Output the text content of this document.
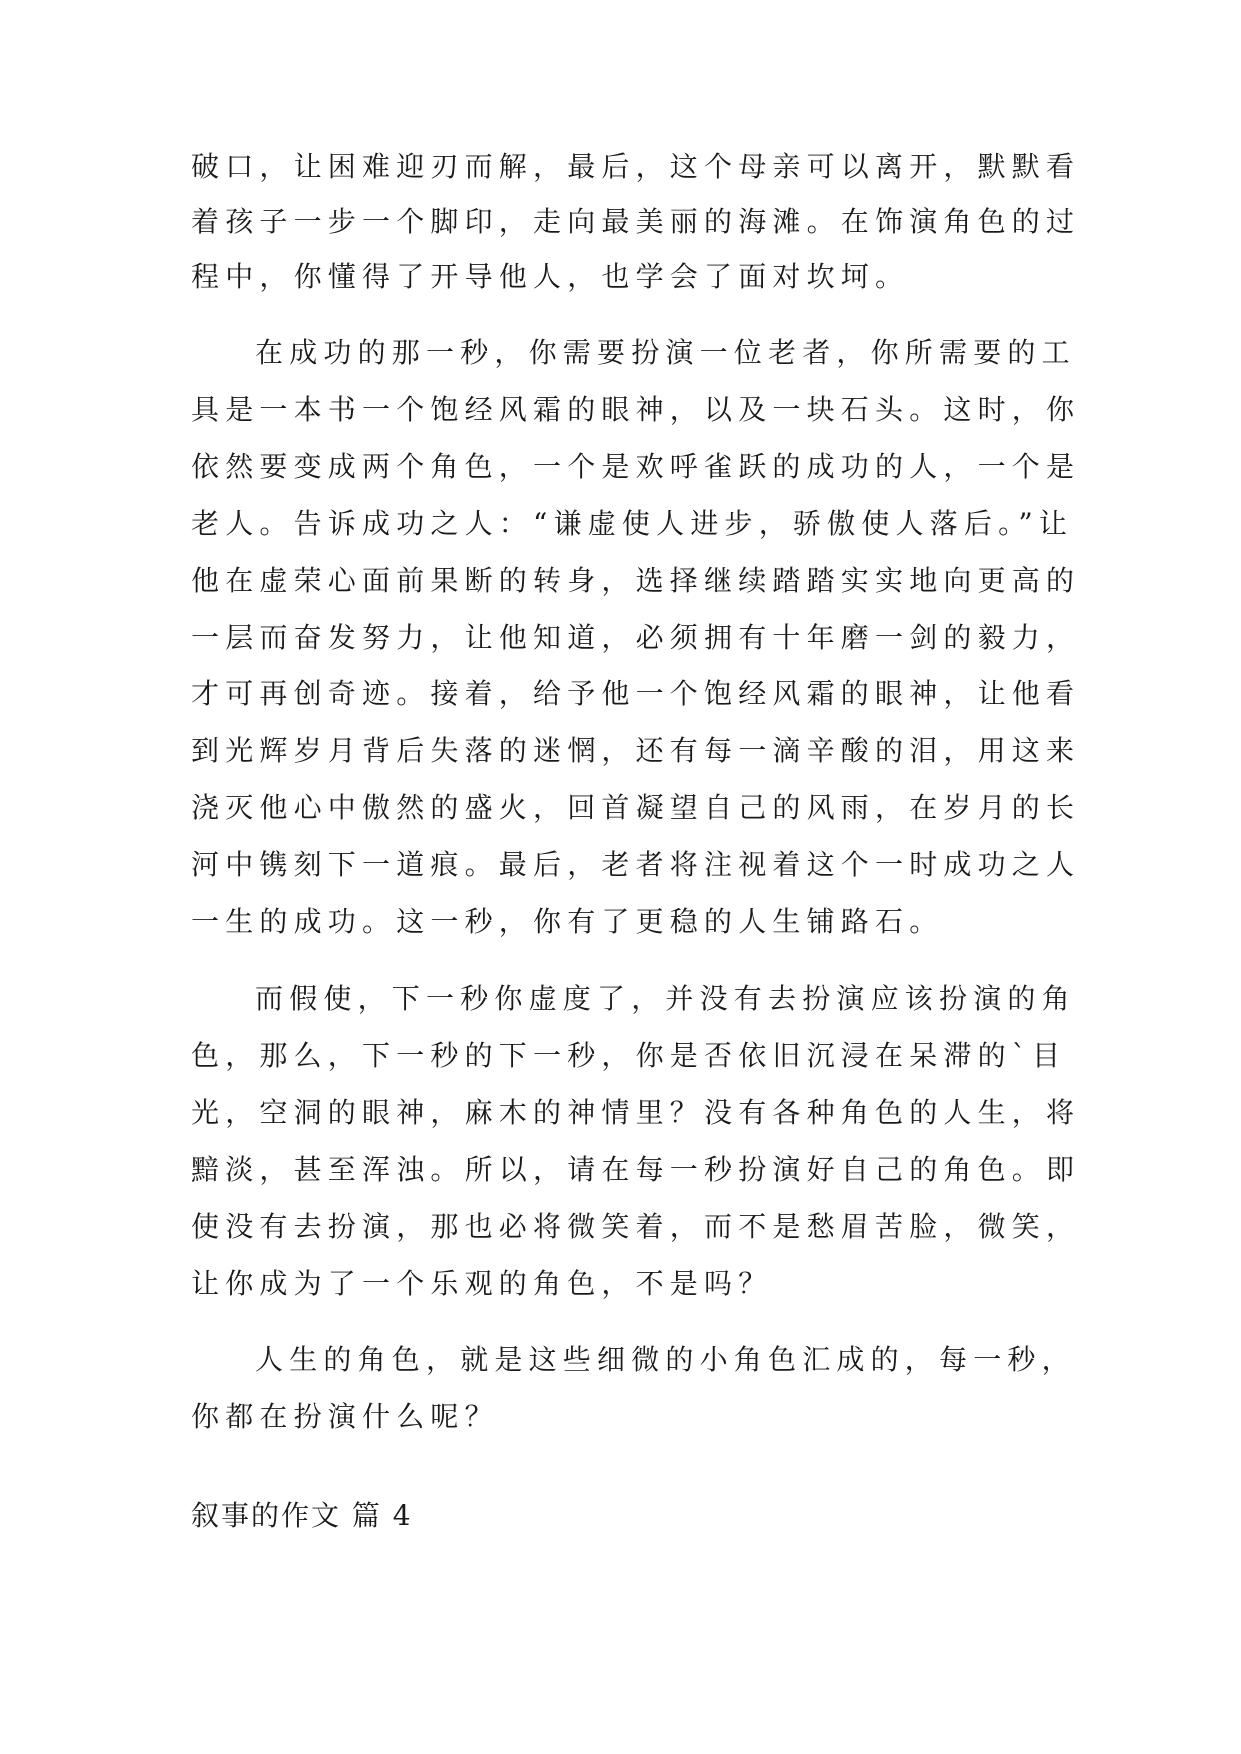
破口，让困难迎刃而解，最后，这个母亲可以离开，默默看
着孩子一步一个脚印，走向最美丽的海滩。在饰演角色的过
程中，你懂得了开导他人，也学会了面对坎坷。
在成功的那一秒，你需要扮演一位老者，你所需要的工
具是一本书一个饱经风霜的眼神，以及一块石头。这时，你
依然要变成两个角色，一个是欢呼雀跃的成功的人，一个是
老人。告诉成功之人：“谦虚使人进步，骄傲使人落后。”让
他在虚荣心面前果断的转身，选择继续踏踏实实地向更高的
一层而奋发努力，让他知道，必须拥有十年磨一剑的毅力，
才可再创奇迹。接着，给予他一个饱经风霜的眼神，让他看
到光辉岁月背后失落的迷惘，还有每一滴辛酸的泪，用这来
浇灭他心中傲然的盛火，回首凝望自己的风雨，在岁月的长
河中镌刻下一道痕。最后，老者将注视着这个一时成功之人
一生的成功。这一秒，你有了更稳的人生铺路石。
而假使，下一秒你虚度了，并没有去扮演应该扮演的角
色，那么，下一秒的下一秒，你是否依旧沉浸在呆滞的`目
光，空洞的眼神，麻木的神情里？没有各种角色的人生，将
黯淡，甚至浑浊。所以，请在每一秒扮演好自己的角色。即
使没有去扮演，那也必将微笑着，而不是愁眉苦脸，微笑，
让你成为了一个乐观的角色，不是吗？
人生的角色，就是这些细微的小角色汇成的，每一秒，
你都在扮演什么呢？
叙事的作文 篇 4
